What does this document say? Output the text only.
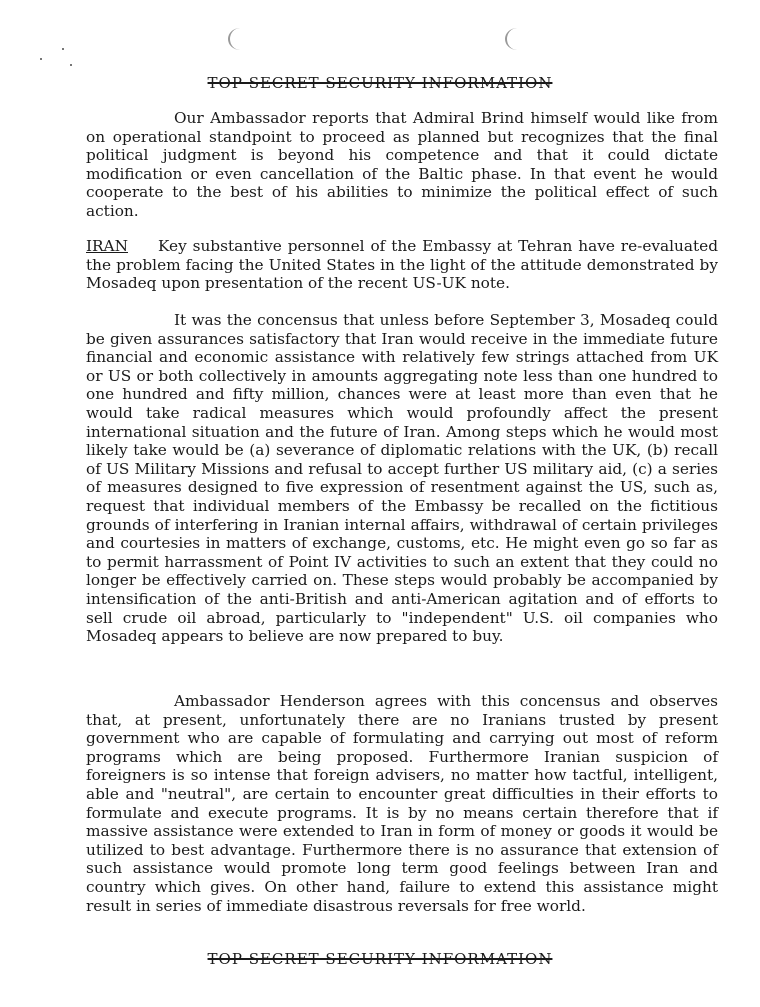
TOP SECRET SECURITY INFORMATION

Our Ambassador reports that Admiral Brind himself would like from on operational standpoint to proceed as planned but recognizes that the final political judgment is beyond his competence and that it could dictate modification or even cancellation of the Baltic phase. In that event he would cooperate to the best of his abilities to minimize the political effect of such action.

IRAN Key substantive personnel of the Embassy at Tehran have re-evaluated the problem facing the United States in the light of the attitude demonstrated by Mosadeq upon presentation of the recent US-UK note.

It was the concensus that unless before September 3, Mosadeq could be given assurances satisfactory that Iran would receive in the immediate future financial and economic assistance with relatively few strings attached from UK or US or both collectively in amounts aggregating note less than one hundred to one hundred and fifty million, chances were at least more than even that he would take radical measures which would profoundly affect the present international situation and the future of Iran. Among steps which he would most likely take would be (a) severance of diplomatic relations with the UK, (b) recall of US Military Missions and refusal to accept further US military aid, (c) a series of measures designed to five expression of resentment against the US, such as, request that individual members of the Embassy be recalled on the fictitious grounds of interfering in Iranian internal affairs, withdrawal of certain privileges and courtesies in matters of exchange, customs, etc. He might even go so far as to permit harrassment of Point IV activities to such an extent that they could no longer be effectively carried on. These steps would probably be accompanied by intensification of the anti-British and anti-American agitation and of efforts to sell crude oil abroad, particularly to "independent" U.S. oil companies who Mosadeq appears to believe are now prepared to buy.

Ambassador Henderson agrees with this concensus and observes that, at present, unfortunately there are no Iranians trusted by present government who are capable of formulating and carrying out most of reform programs which are being proposed. Furthermore Iranian suspicion of foreigners is so intense that foreign advisers, no matter how tactful, intelligent, able and "neutral", are certain to encounter great difficulties in their efforts to formulate and execute programs. It is by no means certain therefore that if massive assistance were extended to Iran in form of money or goods it would be utilized to best advantage. Furthermore there is no assurance that extension of such assistance would promote long term good feelings between Iran and country which gives. On other hand, failure to extend this assistance might result in series of immediate disastrous reversals for free world.

TOP SECRET SECURITY INFORMATION
